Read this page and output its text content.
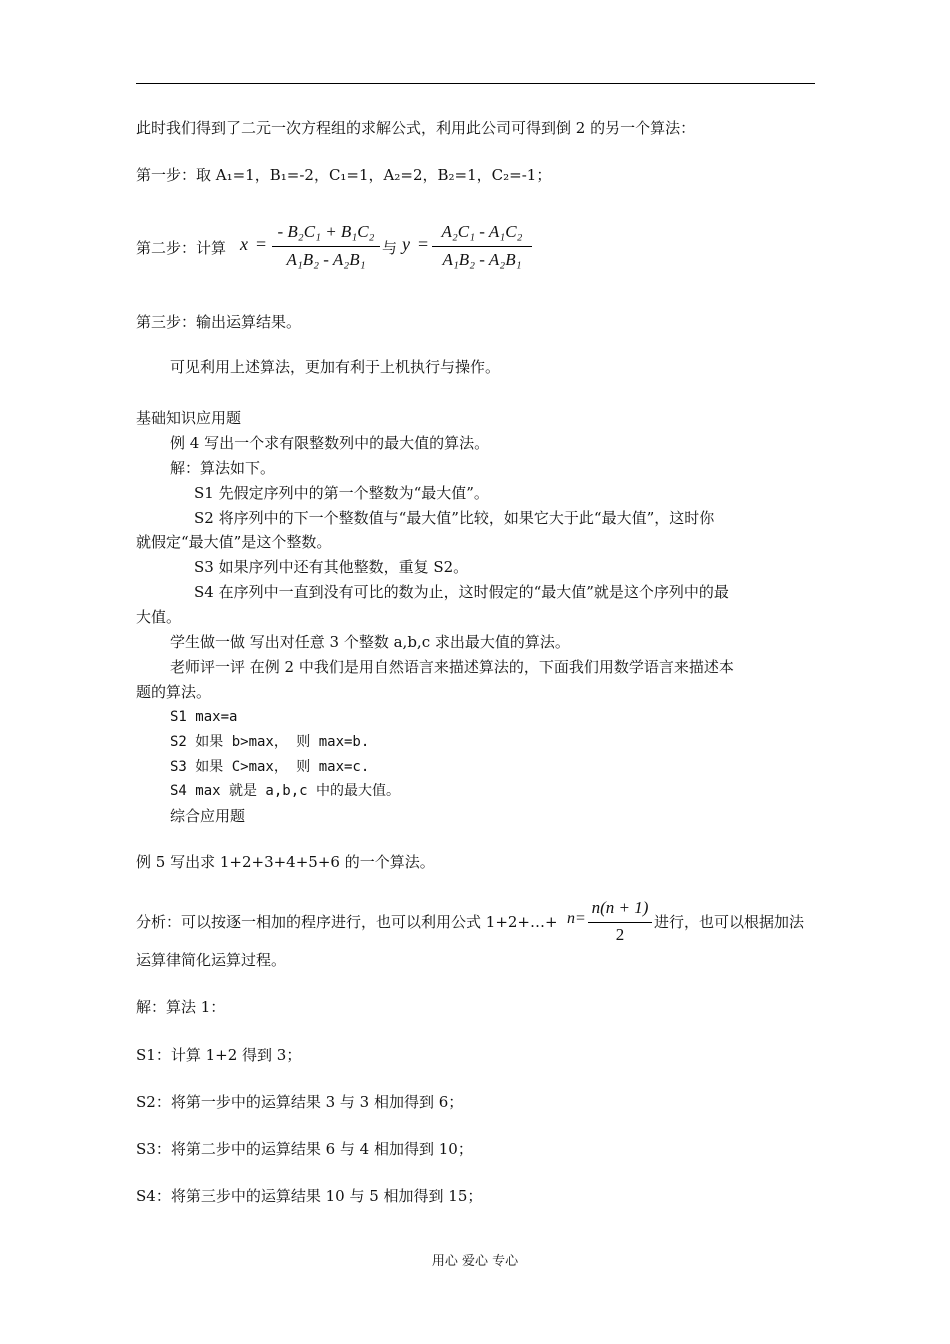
此时我们得到了二元一次方程组的求解公式，利用此公司可得到倒 2 的另一个算法：
第一步：取 A₁=1，B₁=-2，C₁=1，A₂=2，B₂=1，C₂=-1；
第二步：计算 x =
- B₂C₁ + B₁C₂
A₁B₂ - A₂B₁
与 y =
A₂C₁ - A₁C₂
A₁B₂ - A₂B₁
第三步：输出运算结果。
可见利用上述算法，更加有利于上机执行与操作。
基础知识应用题
例 4 写出一个求有限整数列中的最大值的算法。
解：算法如下。
S1 先假定序列中的第一个整数为“最大值”。
S2 将序列中的下一个整数值与“最大值”比较，如果它大于此“最大值”，这时你
就假定“最大值”是这个整数。
S3 如果序列中还有其他整数，重复 S2。
S4 在序列中一直到没有可比的数为止，这时假定的“最大值”就是这个序列中的最
大值。
学生做一做 写出对任意 3 个整数 a,b,c 求出最大值的算法。
老师评一评 在例 2 中我们是用自然语言来描述算法的，下面我们用数学语言来描述本
题的算法。
S1 max=a
S2 如果 b>max， 则 max=b.
S3 如果 C>max， 则 max=c.
S4 max 就是 a,b,c 中的最大值。
综合应用题
例 5 写出求 1+2+3+4+5+6 的一个算法。
分析：可以按逐一相加的程序进行，也可以利用公式 1+2+…+ n =
n(n + 1)
2
进行，也可以根据加法
运算律简化运算过程。
解：算法 1：
S1：计算 1+2 得到 3；
S2：将第一步中的运算结果 3 与 3 相加得到 6；
S3：将第二步中的运算结果 6 与 4 相加得到 10；
S4：将第三步中的运算结果 10 与 5 相加得到 15；
用心 爱心 专心
